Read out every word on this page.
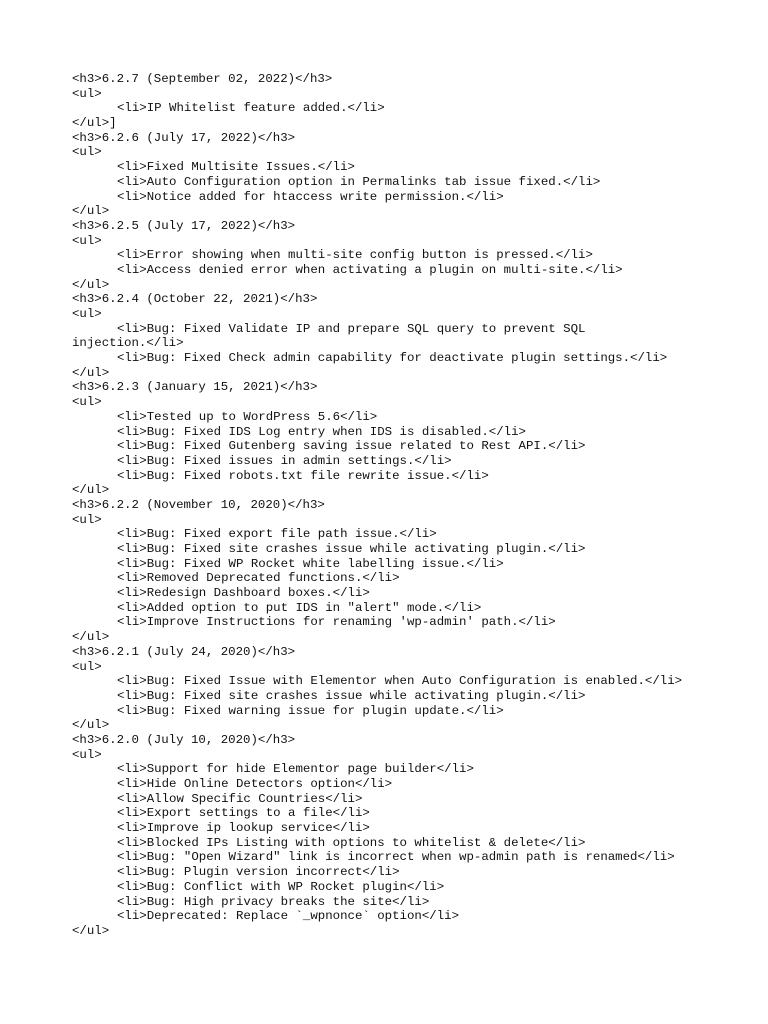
<h3>6.2.7 (September 02, 2022)</h3>
<ul>
<li>IP Whitelist feature added.</li>
</ul>]
<h3>6.2.6 (July 17, 2022)</h3>
<ul>
<li>Fixed Multisite Issues.</li>
<li>Auto Configuration option in Permalinks tab issue fixed.</li>
<li>Notice added for htaccess write permission.</li>
</ul>
<h3>6.2.5 (July 17, 2022)</h3>
<ul>
<li>Error showing when multi-site config button is pressed.</li>
<li>Access denied error when activating a plugin on multi-site.</li>
</ul>
<h3>6.2.4 (October 22, 2021)</h3>
<ul>
<li>Bug: Fixed Validate IP and prepare SQL query to prevent SQL
injection.</li>
<li>Bug: Fixed Check admin capability for deactivate plugin settings.</li>
</ul>
<h3>6.2.3 (January 15, 2021)</h3>
<ul>
<li>Tested up to WordPress 5.6</li>
<li>Bug: Fixed IDS Log entry when IDS is disabled.</li>
<li>Bug: Fixed Gutenberg saving issue related to Rest API.</li>
<li>Bug: Fixed issues in admin settings.</li>
<li>Bug: Fixed robots.txt file rewrite issue.</li>
</ul>
<h3>6.2.2 (November 10, 2020)</h3>
<ul>
<li>Bug: Fixed export file path issue.</li>
<li>Bug: Fixed site crashes issue while activating plugin.</li>
<li>Bug: Fixed WP Rocket white labelling issue.</li>
<li>Removed Deprecated functions.</li>
<li>Redesign Dashboard boxes.</li>
<li>Added option to put IDS in "alert" mode.</li>
<li>Improve Instructions for renaming 'wp-admin' path.</li>
</ul>
<h3>6.2.1 (July 24, 2020)</h3>
<ul>
<li>Bug: Fixed Issue with Elementor when Auto Configuration is enabled.</li>
<li>Bug: Fixed site crashes issue while activating plugin.</li>
<li>Bug: Fixed warning issue for plugin update.</li>
</ul>
<h3>6.2.0 (July 10, 2020)</h3>
<ul>
<li>Support for hide Elementor page builder</li>
<li>Hide Online Detectors option</li>
<li>Allow Specific Countries</li>
<li>Export settings to a file</li>
<li>Improve ip lookup service</li>
<li>Blocked IPs Listing with options to whitelist & delete</li>
<li>Bug: "Open Wizard" link is incorrect when wp-admin path is renamed</li>
<li>Bug: Plugin version incorrect</li>
<li>Bug: Conflict with WP Rocket plugin</li>
<li>Bug: High privacy breaks the site</li>
<li>Deprecated: Replace `_wpnonce` option</li>
</ul>
